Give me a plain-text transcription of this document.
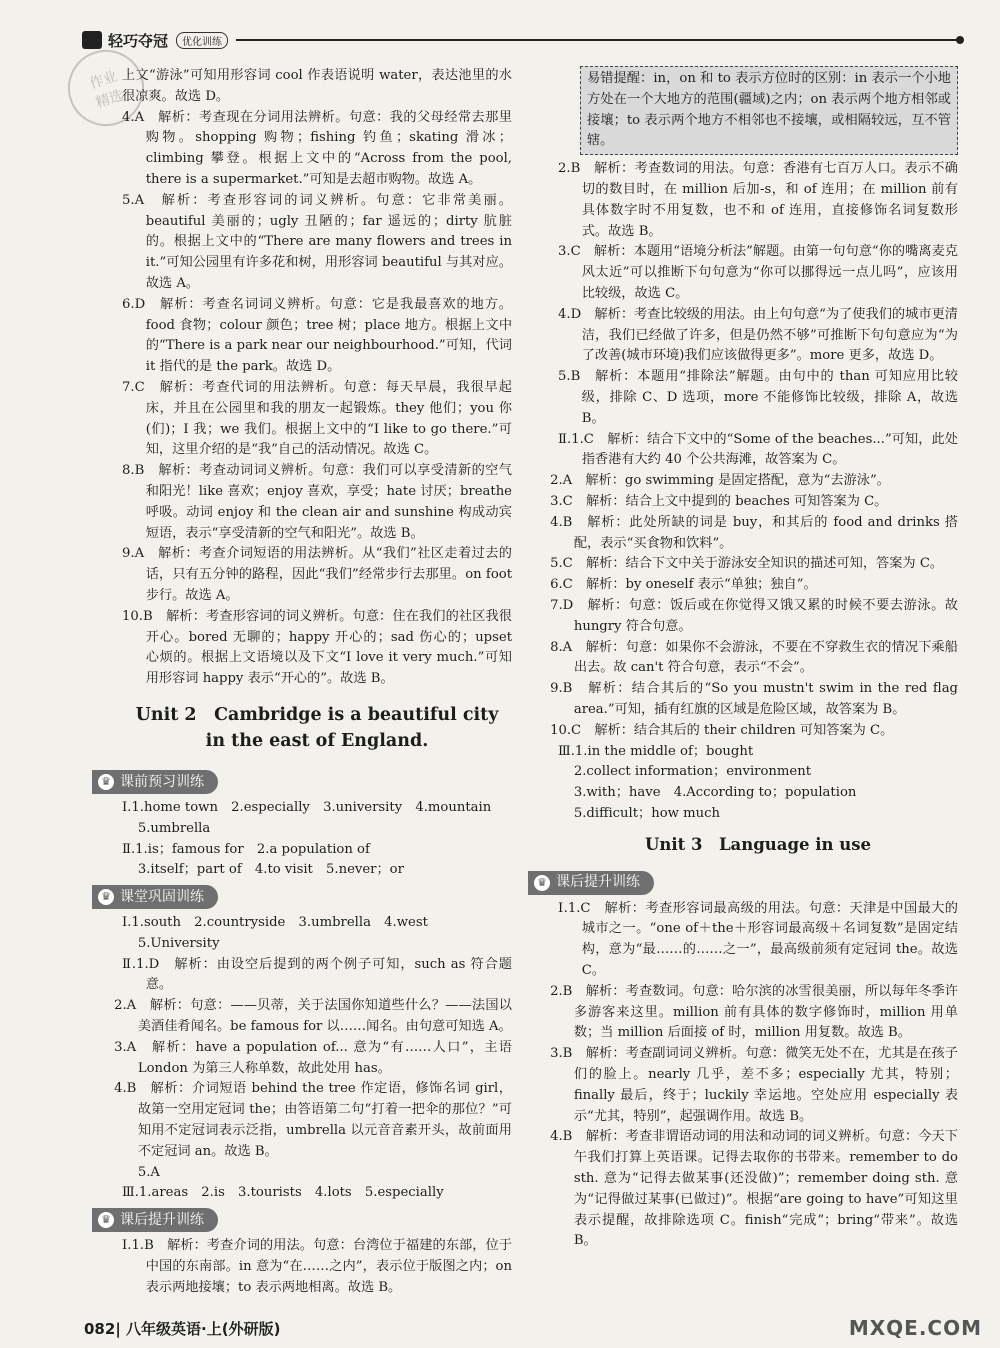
轻巧夺冠	优化训练
作业
精选

上文“游泳”可知用形容词 cool 作表语说明 water，表达池里的水很凉爽。故选 D。

4.A　解析：考查现在分词用法辨析。句意：我的父母经常去那里购物。shopping 购物；fishing 钓鱼；skating 滑冰；climbing 攀登。根据上文中的“Across from the pool, there is a supermarket.”可知是去超市购物。故选 A。

5.A　解析：考查形容词的词义辨析。句意：它非常美丽。beautiful 美丽的；ugly 丑陋的；far 遥远的；dirty 肮脏的。根据上文中的“There are many flowers and trees in it.”可知公园里有许多花和树，用形容词 beautiful 与其对应。故选 A。

6.D　解析：考查名词词义辨析。句意：它是我最喜欢的地方。food 食物；colour 颜色；tree 树；place 地方。根据上文中的“There is a park near our neighbourhood.”可知，代词 it 指代的是 the park。故选 D。

7.C　解析：考查代词的用法辨析。句意：每天早晨，我很早起床，并且在公园里和我的朋友一起锻炼。they 他们；you 你(们)；I 我；we 我们。根据上文中的“I like to go there.”可知，这里介绍的是“我”自己的活动情况。故选 C。

8.B　解析：考查动词词义辨析。句意：我们可以享受清新的空气和阳光！like 喜欢；enjoy 喜欢，享受；hate 讨厌；breathe 呼吸。动词 enjoy 和 the clean air and sunshine 构成动宾短语，表示“享受清新的空气和阳光”。故选 B。

9.A　解析：考查介词短语的用法辨析。从“我们”社区走着过去的话，只有五分钟的路程，因此“我们”经常步行去那里。on foot 步行。故选 A。

10.B　解析：考查形容词的词义辨析。句意：住在我们的社区我很开心。bored 无聊的；happy 开心的；sad 伤心的；upset 心烦的。根据上文语境以及下文“I love it very much.”可知用形容词 happy 表示“开心的”。故选 B。

Unit 2　Cambridge is a beautiful city
in the east of England.
♛ 课前预习训练

Ⅰ.1.home town　2.especially　3.university　4.mountain

5.umbrella

Ⅱ.1.is；famous for　2.a population of

3.itself；part of　4.to visit　5.never；or

♛ 课堂巩固训练

Ⅰ.1.south　2.countryside　3.umbrella　4.west

5.University

Ⅱ.1.D　解析：由设空后提到的两个例子可知，such as 符合题意。

2.A　解析：句意：——贝蒂，关于法国你知道些什么？——法国以美酒佳肴闻名。be famous for 以……闻名。由句意可知选 A。

3.A　解析：have a population of... 意为“有……人口”，主语 London 为第三人称单数，故此处用 has。

4.B　解析：介词短语 behind the tree 作定语，修饰名词 girl，故第一空用定冠词 the；由答语第二句“打着一把伞的那位？”可知用不定冠词表示泛指，umbrella 以元音音素开头，故前面用不定冠词 an。故选 B。

5.A

Ⅲ.1.areas　2.is　3.tourists　4.lots　5.especially

♛ 课后提升训练

Ⅰ.1.B　解析：考查介词的用法。句意：台湾位于福建的东部，位于中国的东南部。in 意为“在……之内”，表示位于版图之内；on 表示两地接壤；to 表示两地相离。故选 B。

易错提醒：in，on 和 to 表示方位时的区别：in 表示一个小地方处在一个大地方的范围(疆域)之内；on 表示两个地方相邻或接壤；to 表示两个地方不相邻也不接壤，或相隔较远，互不管辖。

2.B　解析：考查数词的用法。句意：香港有七百万人口。表示不确切的数目时，在 million 后加-s，和 of 连用；在 million 前有具体数字时不用复数，也不和 of 连用，直接修饰名词复数形式。故选 B。

3.C　解析：本题用“语境分析法”解题。由第一句句意“你的嘴离麦克风太近”可以推断下句句意为“你可以挪得远一点儿吗”，应该用比较级，故选 C。

4.D　解析：考查比较级的用法。由上句句意“为了使我们的城市更清洁，我们已经做了许多，但是仍然不够”可推断下句句意应为“为了改善(城市环境)我们应该做得更多”。more 更多，故选 D。

5.B　解析：本题用“排除法”解题。由句中的 than 可知应用比较级，排除 C、D 选项，more 不能修饰比较级，排除 A，故选 B。

Ⅱ.1.C　解析：结合下文中的“Some of the beaches...”可知，此处指香港有大约 40 个公共海滩，故答案为 C。

2.A　解析：go swimming 是固定搭配，意为“去游泳”。

3.C　解析：结合上文中提到的 beaches 可知答案为 C。

4.B　解析：此处所缺的词是 buy，和其后的 food and drinks 搭配，表示“买食物和饮料”。

5.C　解析：结合下文中关于游泳安全知识的描述可知，答案为 C。

6.C　解析：by oneself 表示“单独；独自”。

7.D　解析：句意：饭后或在你觉得又饿又累的时候不要去游泳。故 hungry 符合句意。

8.A　解析：句意：如果你不会游泳，不要在不穿救生衣的情况下乘船出去。故 can't 符合句意，表示“不会”。

9.B　解析：结合其后的“So you mustn't swim in the red flag area.”可知，插有红旗的区域是危险区域，故答案为 B。

10.C　解析：结合其后的 their children 可知答案为 C。

Ⅲ.1.in the middle of；bought

2.collect information；environment

3.with；have　4.According to；population

5.difficult；how much

Unit 3　Language in use
♛ 课后提升训练

Ⅰ.1.C　解析：考查形容词最高级的用法。句意：天津是中国最大的城市之一。“one of＋the＋形容词最高级＋名词复数”是固定结构，意为“最……的……之一”，最高级前须有定冠词 the。故选 C。

2.B　解析：考查数词。句意：哈尔滨的冰雪很美丽，所以每年冬季许多游客来这里。million 前有具体的数字修饰时，million 用单数；当 million 后面接 of 时，million 用复数。故选 B。

3.B　解析：考查副词词义辨析。句意：微笑无处不在，尤其是在孩子们的脸上。nearly 几乎，差不多；especially 尤其，特别；finally 最后，终于；luckily 幸运地。空处应用 especially 表示“尤其，特别”，起强调作用。故选 B。

4.B　解析：考查非谓语动词的用法和动词的词义辨析。句意：今天下午我们打算上英语课。记得去取你的书带来。remember to do sth. 意为“记得去做某事(还没做)”；remember doing sth. 意为“记得做过某事(已做过)”。根据“are going to have”可知这里表示提醒，故排除选项 C。finish“完成”；bring“带来”。故选 B。

082| 八年级英语·上(外研版)	MXQE.COM
